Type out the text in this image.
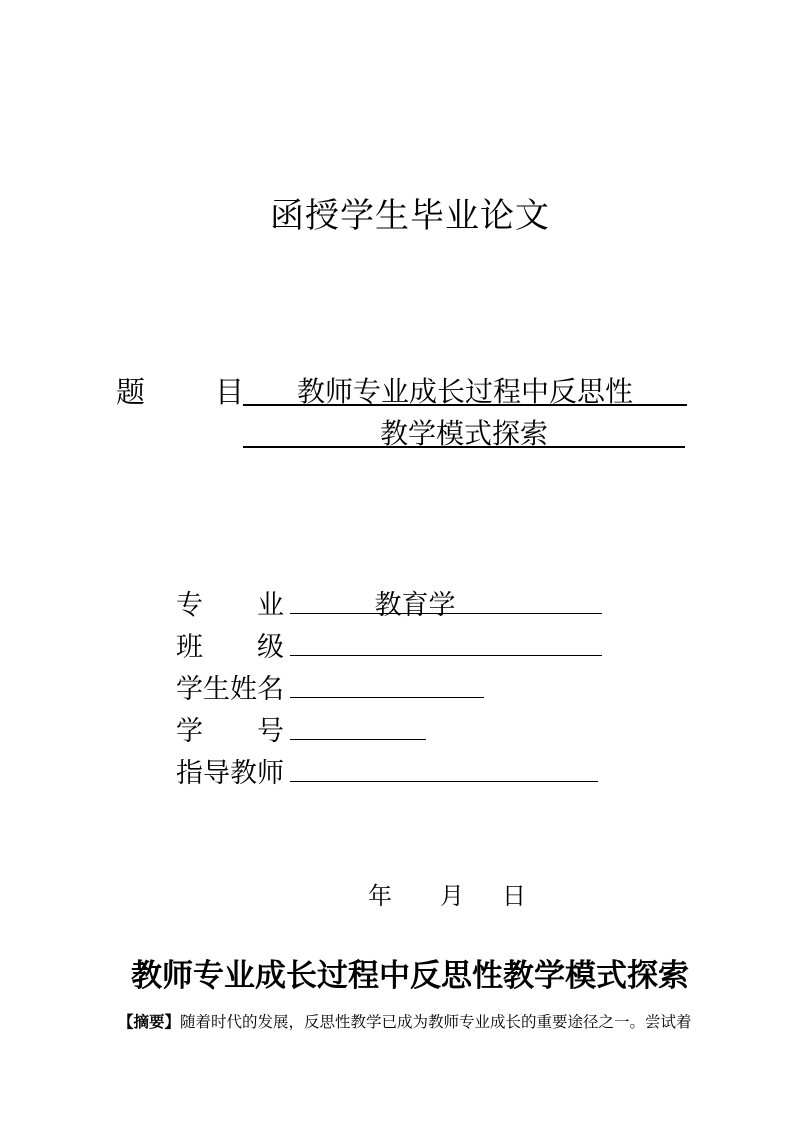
函授学生毕业论文
题 目	教师专业成长过程中反思性
教学模式探索
专　　业	教育学
班　　级
学生姓名
学　　号
指导教师
年 月 日
教师专业成长过程中反思性教学模式探索
【摘要】随着时代的发展，反思性教学已成为教师专业成长的重要途径之一。尝试着
